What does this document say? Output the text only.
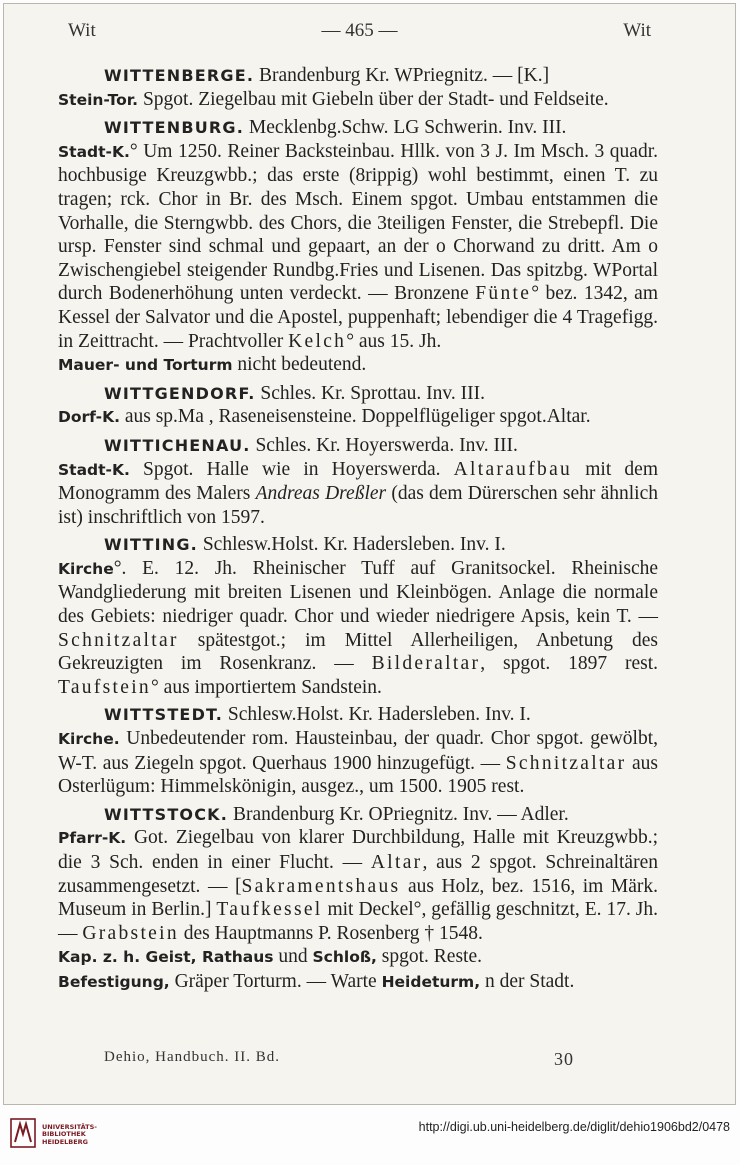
Wit	— 465 —	Wit
WITTENBERGE. Brandenburg Kr. WPriegnitz. — [K.]
Stein-Tor. Spgot. Ziegelbau mit Giebeln über der Stadt- und Feldseite.
WITTENBURG. Mecklenbg.Schw. LG Schwerin. Inv. III.
Stadt-K.° Um 1250. Reiner Backsteinbau. Hllk. von 3 J. Im Msch. 3 quadr. hochbusige Kreuzgwbb.; das erste (8rippig) wohl bestimmt, einen T. zu tragen; rck. Chor in Br. des Msch. Einem spgot. Umbau entstammen die Vorhalle, die Sterngwbb. des Chors, die 3teiligen Fenster, die Strebepfl. Die ursp. Fenster sind schmal und gepaart, an der o Chorwand zu dritt. Am o Zwischengiebel steigender Rundbg.Fries und Lisenen. Das spitzbg. WPortal durch Bodenerhöhung unten verdeckt. — Bronzene Fünte° bez. 1342, am Kessel der Salvator und die Apostel, puppenhaft; lebendiger die 4 Tragefigg. in Zeittracht. — Prachtvoller Kelch° aus 15. Jh.
Mauer- und Torturm nicht bedeutend.
WITTGENDORF. Schles. Kr. Sprottau. Inv. III.
Dorf-K. aus sp.Ma , Raseneisensteine. Doppelflügeliger spgot.Altar.
WITTICHENAU. Schles. Kr. Hoyerswerda. Inv. III.
Stadt-K. Spgot. Halle wie in Hoyerswerda. Altaraufbau mit dem Monogramm des Malers Andreas Dreßler (das dem Dürerschen sehr ähnlich ist) inschriftlich von 1597.
WITTING. Schlesw.Holst. Kr. Hadersleben. Inv. I.
Kirche°. E. 12. Jh. Rheinischer Tuff auf Granitsockel. Rheinische Wandgliederung mit breiten Lisenen und Kleinbögen. Anlage die normale des Gebiets: niedriger quadr. Chor und wieder niedrigere Apsis, kein T. — Schnitzaltar spätestgot.; im Mittel Allerheiligen, Anbetung des Gekreuzigten im Rosenkranz. — Bilderaltar, spgot. 1897 rest. Taufstein° aus importiertem Sandstein.
WITTSTEDT. Schlesw.Holst. Kr. Hadersleben. Inv. I.
Kirche. Unbedeutender rom. Hausteinbau, der quadr. Chor spgot. gewölbt, W-T. aus Ziegeln spgot. Querhaus 1900 hinzugefügt. — Schnitzaltar aus Osterlügum: Himmelskönigin, ausgez., um 1500. 1905 rest.
WITTSTOCK. Brandenburg Kr. OPriegnitz. Inv. — Adler.
Pfarr-K. Got. Ziegelbau von klarer Durchbildung, Halle mit Kreuzgwbb.; die 3 Sch. enden in einer Flucht. — Altar, aus 2 spgot. Schreinaltären zusammengesetzt. — [Sakramentshaus aus Holz, bez. 1516, im Märk. Museum in Berlin.] Taufkessel mit Deckel°, gefällig geschnitzt, E. 17. Jh. — Grabstein des Hauptmanns P. Rosenberg † 1548.
Kap. z. h. Geist, Rathaus und Schloß, spgot. Reste.
Befestigung, Gräper Torturm. — Warte Heideturm, n der Stadt.
Dehio, Handbuch. II. Bd.	30
UNIVERSITÄTS-
BIBLIOTHEK
HEIDELBERG
http://digi.ub.uni-heidelberg.de/diglit/dehio1906bd2/0478
